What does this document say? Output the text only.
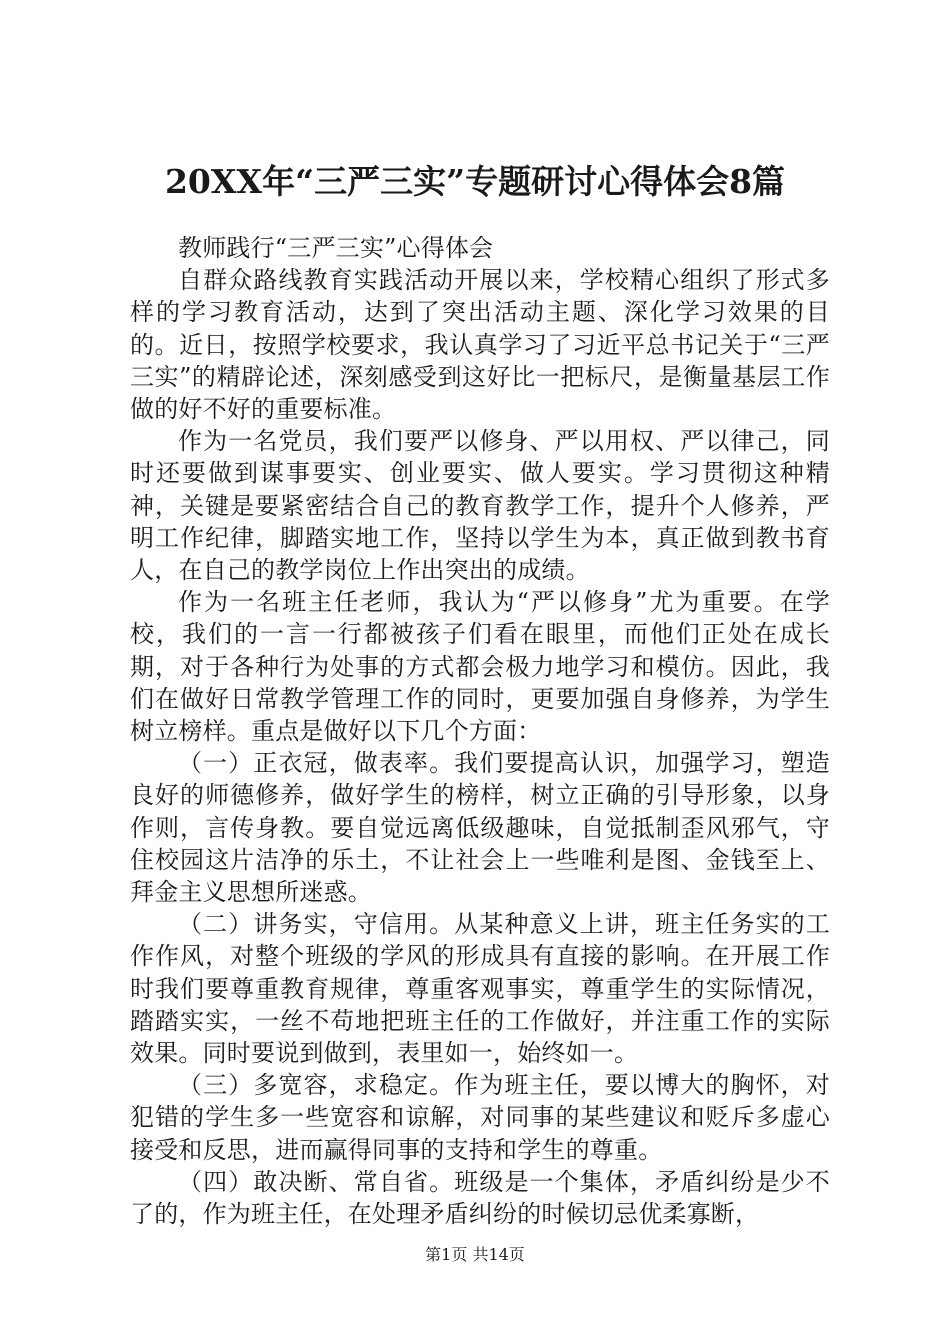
20XX年“三严三实”专题研讨心得体会8篇

教师践行“三严三实”心得体会

自群众路线教育实践活动开展以来，学校精心组织了形式多样的学习教育活动，达到了突出活动主题、深化学习效果的目的。近日，按照学校要求，我认真学习了习近平总书记关于“三严三实”的精辟论述，深刻感受到这好比一把标尺，是衡量基层工作做的好不好的重要标准。

作为一名党员，我们要严以修身、严以用权、严以律己，同时还要做到谋事要实、创业要实、做人要实。学习贯彻这种精神，关键是要紧密结合自己的教育教学工作，提升个人修养，严明工作纪律，脚踏实地工作，坚持以学生为本，真正做到教书育人，在自己的教学岗位上作出突出的成绩。

作为一名班主任老师，我认为“严以修身”尤为重要。在学校，我们的一言一行都被孩子们看在眼里，而他们正处在成长期，对于各种行为处事的方式都会极力地学习和模仿。因此，我们在做好日常教学管理工作的同时，更要加强自身修养，为学生树立榜样。重点是做好以下几个方面：

（一）正衣冠，做表率。我们要提高认识，加强学习，塑造良好的师德修养，做好学生的榜样，树立正确的引导形象，以身作则，言传身教。要自觉远离低级趣味，自觉抵制歪风邪气，守住校园这片洁净的乐土，不让社会上一些唯利是图、金钱至上、拜金主义思想所迷惑。

（二）讲务实，守信用。从某种意义上讲，班主任务实的工作作风，对整个班级的学风的形成具有直接的影响。在开展工作时我们要尊重教育规律，尊重客观事实，尊重学生的实际情况，踏踏实实，一丝不苟地把班主任的工作做好，并注重工作的实际效果。同时要说到做到，表里如一，始终如一。

（三）多宽容，求稳定。作为班主任，要以博大的胸怀，对犯错的学生多一些宽容和谅解，对同事的某些建议和贬斥多虚心接受和反思，进而赢得同事的支持和学生的尊重。

（四）敢决断、常自省。班级是一个集体，矛盾纠纷是少不了的，作为班主任，在处理矛盾纠纷的时候切忌优柔寡断，

第1页 共14页
